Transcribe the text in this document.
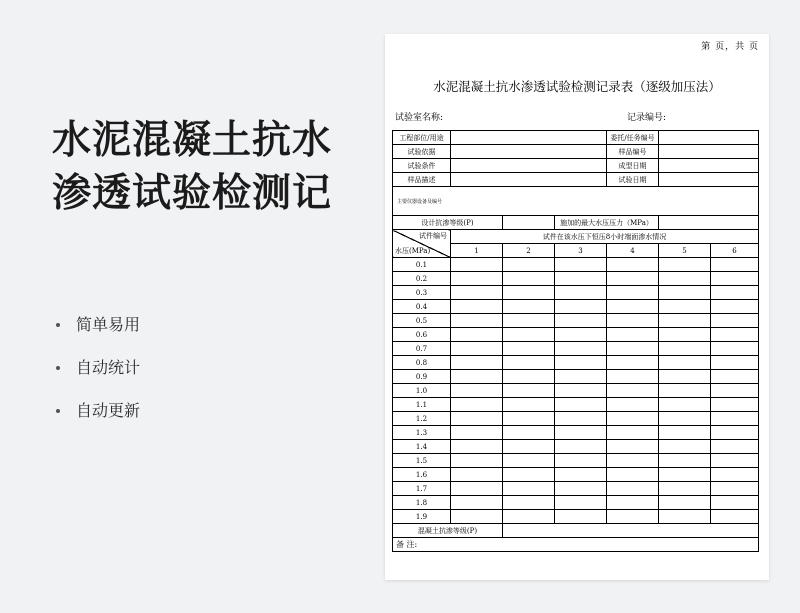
水泥混凝土抗水
渗透试验检测记
简单易用
自动统计
自动更新
第 页，共 页
水泥混凝土抗水渗透试验检测记录表（逐级加压法）
试验室名称:	记录编号:
工程部位/用途				委托/任务编号		
试验依据				样品编号		
试验条件				成型日期		
样品描述				试验日期		
主要仪器设备及编号						
设计抗渗等级(P)			施加的最大水压压力（MPa）			

试件编号
水压(MPa)	试件在该水压下恒压8小时端面渗水情况					
	1	2	3	4	5	6
0.1						
0.2						
0.3						
0.4						
0.5						
0.6						
0.7						
0.8						
0.9						
1.0						
1.1						
1.2						
1.3						
1.4						
1.5						
1.6						
1.7						
1.8						
1.9						
混凝土抗渗等级(P)						
备 注:						
